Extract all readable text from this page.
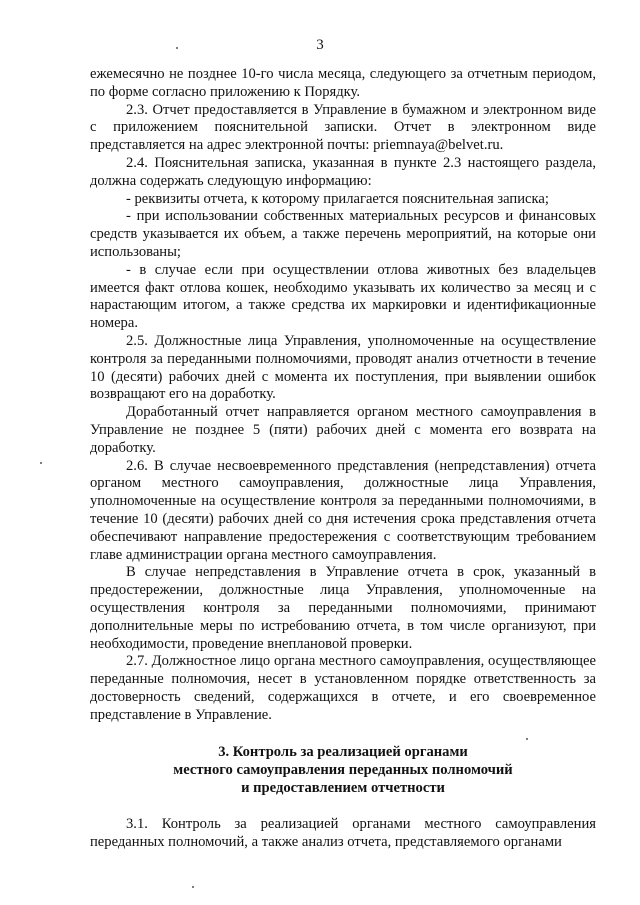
3

ежемесячно не позднее 10-го числа месяца, следующего за отчетным периодом, по форме согласно приложению к Порядку.

2.3. Отчет предоставляется в Управление в бумажном и электронном виде с приложением пояснительной записки. Отчет в электронном виде представляется на адрес электронной почты: priemnaya@belvet.ru.

2.4. Пояснительная записка, указанная в пункте 2.3 настоящего раздела, должна содержать следующую информацию:

- реквизиты отчета, к которому прилагается пояснительная записка;

- при использовании собственных материальных ресурсов и финансовых средств указывается их объем, а также перечень мероприятий, на которые они использованы;

- в случае если при осуществлении отлова животных без владельцев имеется факт отлова кошек, необходимо указывать их количество за месяц и с нарастающим итогом, а также средства их маркировки и идентификационные номера.

2.5. Должностные лица Управления, уполномоченные на осуществление контроля за переданными полномочиями, проводят анализ отчетности в течение 10 (десяти) рабочих дней с момента их поступления, при выявлении ошибок возвращают его на доработку.

Доработанный отчет направляется органом местного самоуправления в Управление не позднее 5 (пяти) рабочих дней с момента его возврата на доработку.

2.6. В случае несвоевременного представления (непредставления) отчета органом местного самоуправления, должностные лица Управления, уполномоченные на осуществление контроля за переданными полномочиями, в течение 10 (десяти) рабочих дней со дня истечения срока представления отчета обеспечивают направление предостережения с соответствующим требованием главе администрации органа местного самоуправления.

В случае непредставления в Управление отчета в срок, указанный в предостережении, должностные лица Управления, уполномоченные на осуществления контроля за переданными полномочиями, принимают дополнительные меры по истребованию отчета, в том числе организуют, при необходимости, проведение внеплановой проверки.

2.7. Должностное лицо органа местного самоуправления, осуществляющее переданные полномочия, несет в установленном порядке ответственность за достоверность сведений, содержащихся в отчете, и его своевременное представление в Управление.

3. Контроль за реализацией органами
местного самоуправления переданных полномочий
и предоставлением отчетности

3.1. Контроль за реализацией органами местного самоуправления переданных полномочий, а также анализ отчета, представляемого органами
